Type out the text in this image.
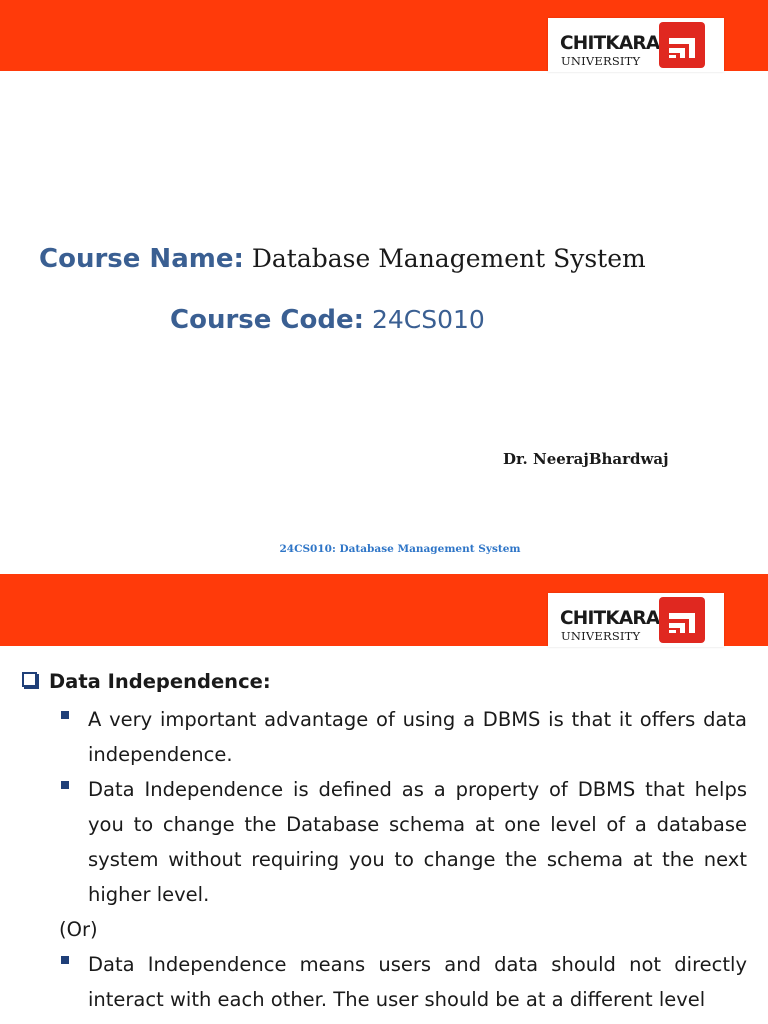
CHITKARA
UNIVERSITY
Course Name: Database Management System
Course Code: 24CS010
Dr. NeerajBhardwaj
24CS010: Database Management System
CHITKARA
UNIVERSITY
Data Independence:
A very important advantage of using a DBMS is that it offers data independence.
Data Independence is defined as a property of DBMS that helps you to change the Database schema at one level of a database system without requiring you to change the schema at the next higher level.
(Or)
Data Independence means users and data should not directly interact with each other. The user should be at a different level
